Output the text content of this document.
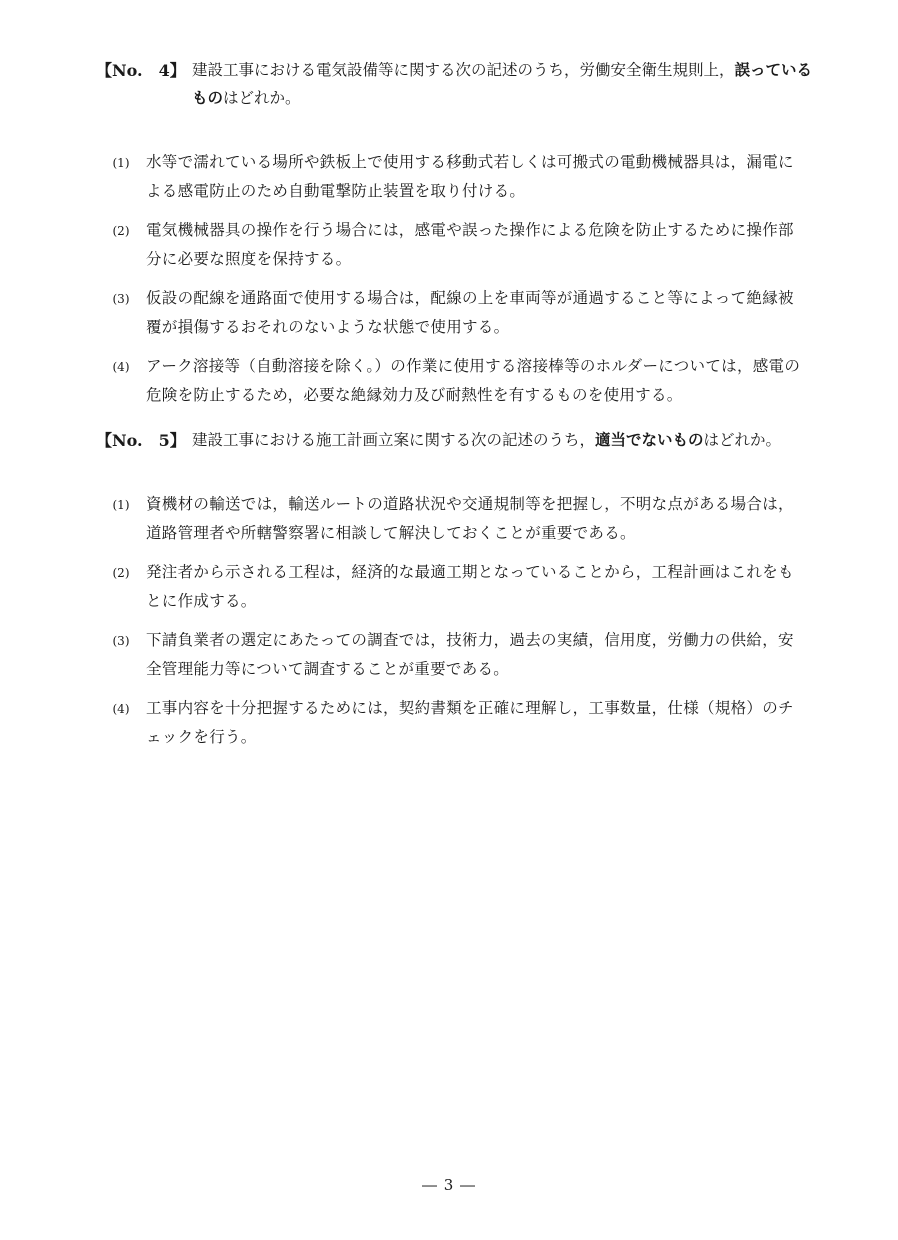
【No.　4】 建設工事における電気設備等に関する次の記述のうち，労働安全衛生規則上，誤っているものはどれか。
(1)	水等で濡れている場所や鉄板上で使用する移動式若しくは可搬式の電動機械器具は，漏電による感電防止のため自動電撃防止装置を取り付ける。
(2)	電気機械器具の操作を行う場合には，感電や誤った操作による危険を防止するために操作部分に必要な照度を保持する。
(3)	仮設の配線を通路面で使用する場合は，配線の上を車両等が通過すること等によって絶縁被覆が損傷するおそれのないような状態で使用する。
(4)	アーク溶接等（自動溶接を除く。）の作業に使用する溶接棒等のホルダーについては，感電の危険を防止するため，必要な絶縁効力及び耐熱性を有するものを使用する。
【No.　5】 建設工事における施工計画立案に関する次の記述のうち，適当でないものはどれか。
(1)	資機材の輸送では，輸送ルートの道路状況や交通規制等を把握し，不明な点がある場合は，道路管理者や所轄警察署に相談して解決しておくことが重要である。
(2)	発注者から示される工程は，経済的な最適工期となっていることから，工程計画はこれをもとに作成する。
(3)	下請負業者の選定にあたっての調査では，技術力，過去の実績，信用度，労働力の供給，安全管理能力等について調査することが重要である。
(4)	工事内容を十分把握するためには，契約書類を正確に理解し，工事数量，仕様（規格）のチェックを行う。
― 3 ―
